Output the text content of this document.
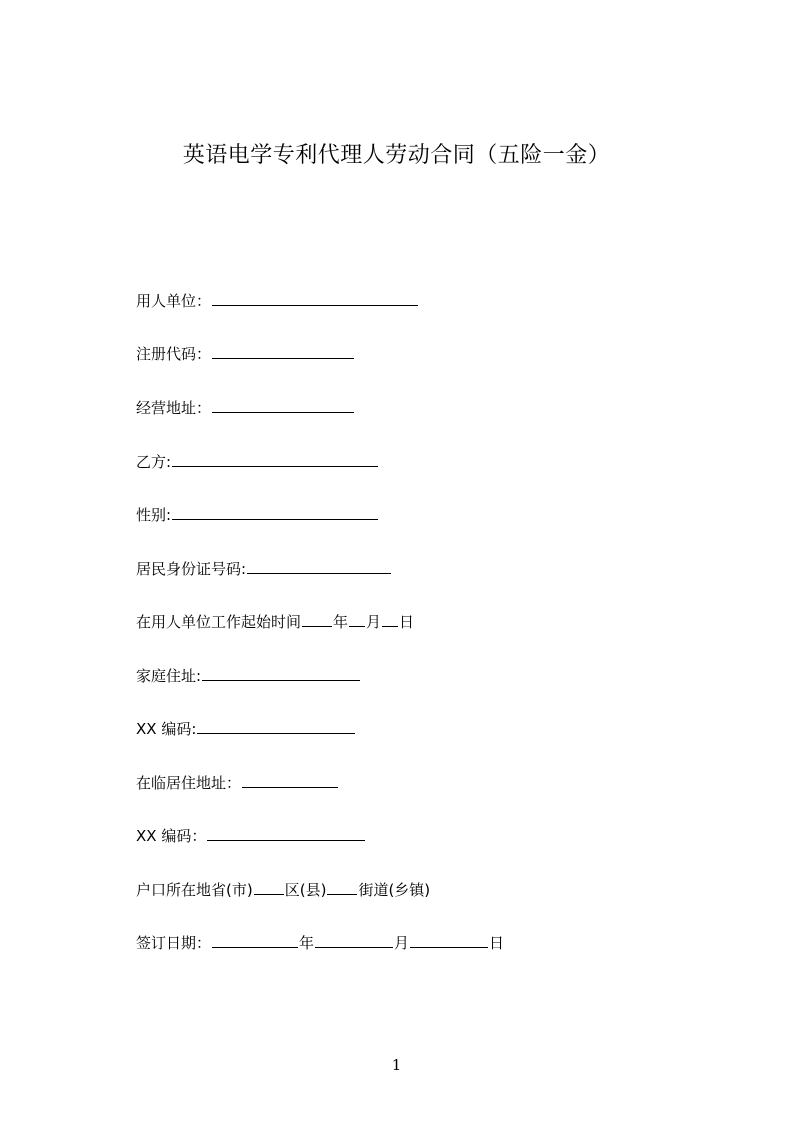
英语电学专利代理人劳动合同（五险一金）
用人单位：
注册代码：
经营地址：
乙方:
性别:
居民身份证号码:
在用人单位工作起始时间 年 月 日
家庭住址:
XX 编码:
在临居住地址：
XX 编码：
户口所在地省(市) 区(县) 街道(乡镇)
签订日期：	年	月	日
1
